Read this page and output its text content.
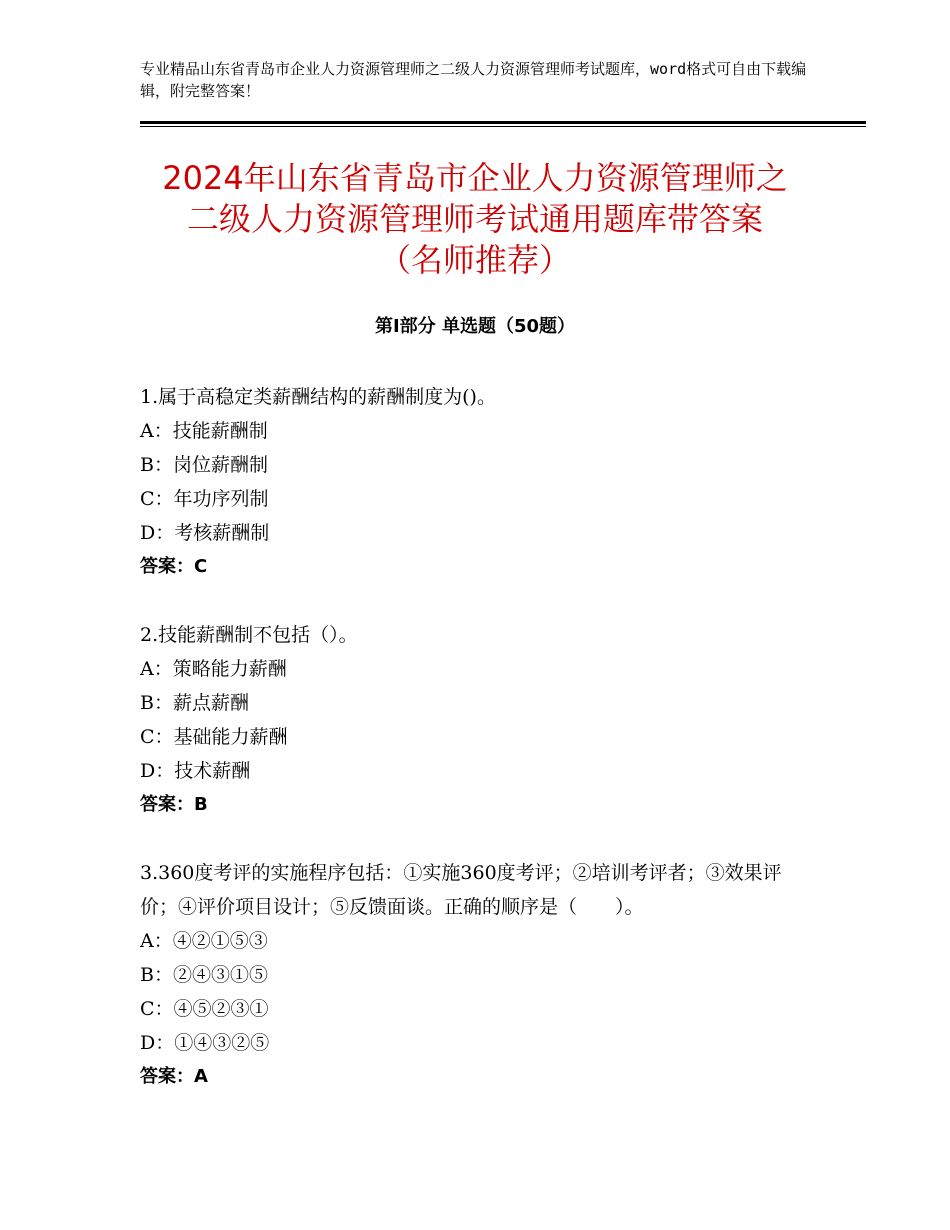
专业精品山东省青岛市企业人力资源管理师之二级人力资源管理师考试题库，word格式可自由下载编辑，附完整答案！
2024年山东省青岛市企业人力资源管理师之
二级人力资源管理师考试通用题库带答案
（名师推荐）
第Ⅰ部分 单选题（50题）

1.属于高稳定类薪酬结构的薪酬制度为()。

A：技能薪酬制
B：岗位薪酬制
C：年功序列制
D：考核薪酬制

答案：C

2.技能薪酬制不包括（）。

A：策略能力薪酬
B：薪点薪酬
C：基础能力薪酬
D：技术薪酬

答案：B

3.360度考评的实施程序包括：①实施360度考评；②培训考评者；③效果评价；④评价项目设计；⑤反馈面谈。正确的顺序是（　　）。

A：④②①⑤③
B：②④③①⑤
C：④⑤②③①
D：①④③②⑤

答案：A
